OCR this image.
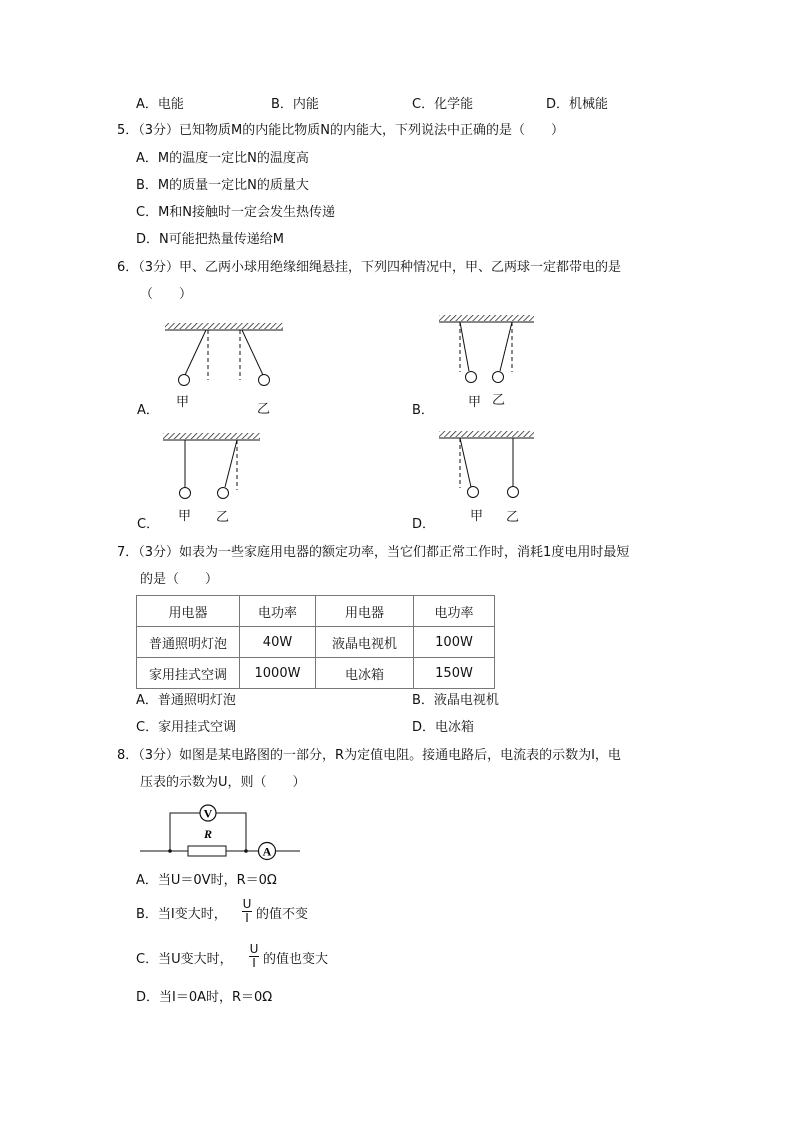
A．电能	B．内能	C．化学能	D．机械能
5．（3分）已知物质M的内能比物质N的内能大，下列说法中正确的是（　　）
A．M的温度一定比N的温度高
B．M的质量一定比N的质量大
C．M和N接触时一定会发生热传递
D．N可能把热量传递给M
6．（3分）甲、乙两小球用绝缘细绳悬挂，下列四种情况中，甲、乙两球一定都带电的是
（　　）
甲	乙
A．
甲 乙
B．
甲 乙
C．
甲 乙
D．
7．（3分）如表为一些家庭用电器的额定功率，当它们都正常工作时，消耗1度电用时最短
的是（　　）
用电器	电功率	用电器	电功率
普通照明灯泡	40W	液晶电视机	100W
家用挂式空调	1000W	电冰箱	150W
A．普通照明灯泡	B．液晶电视机
C．家用挂式空调	D．电冰箱
8．（3分）如图是某电路图的一部分，R为定值电阻。接通电路后，电流表的示数为I，电
压表的示数为U，则（　　）
V
R
A
A．当U＝0V时，R＝0Ω
B．当I变大时，
U
I 的值不变
C．当U变大时，
U
I 的值也变大
D．当I＝0A时，R＝0Ω
